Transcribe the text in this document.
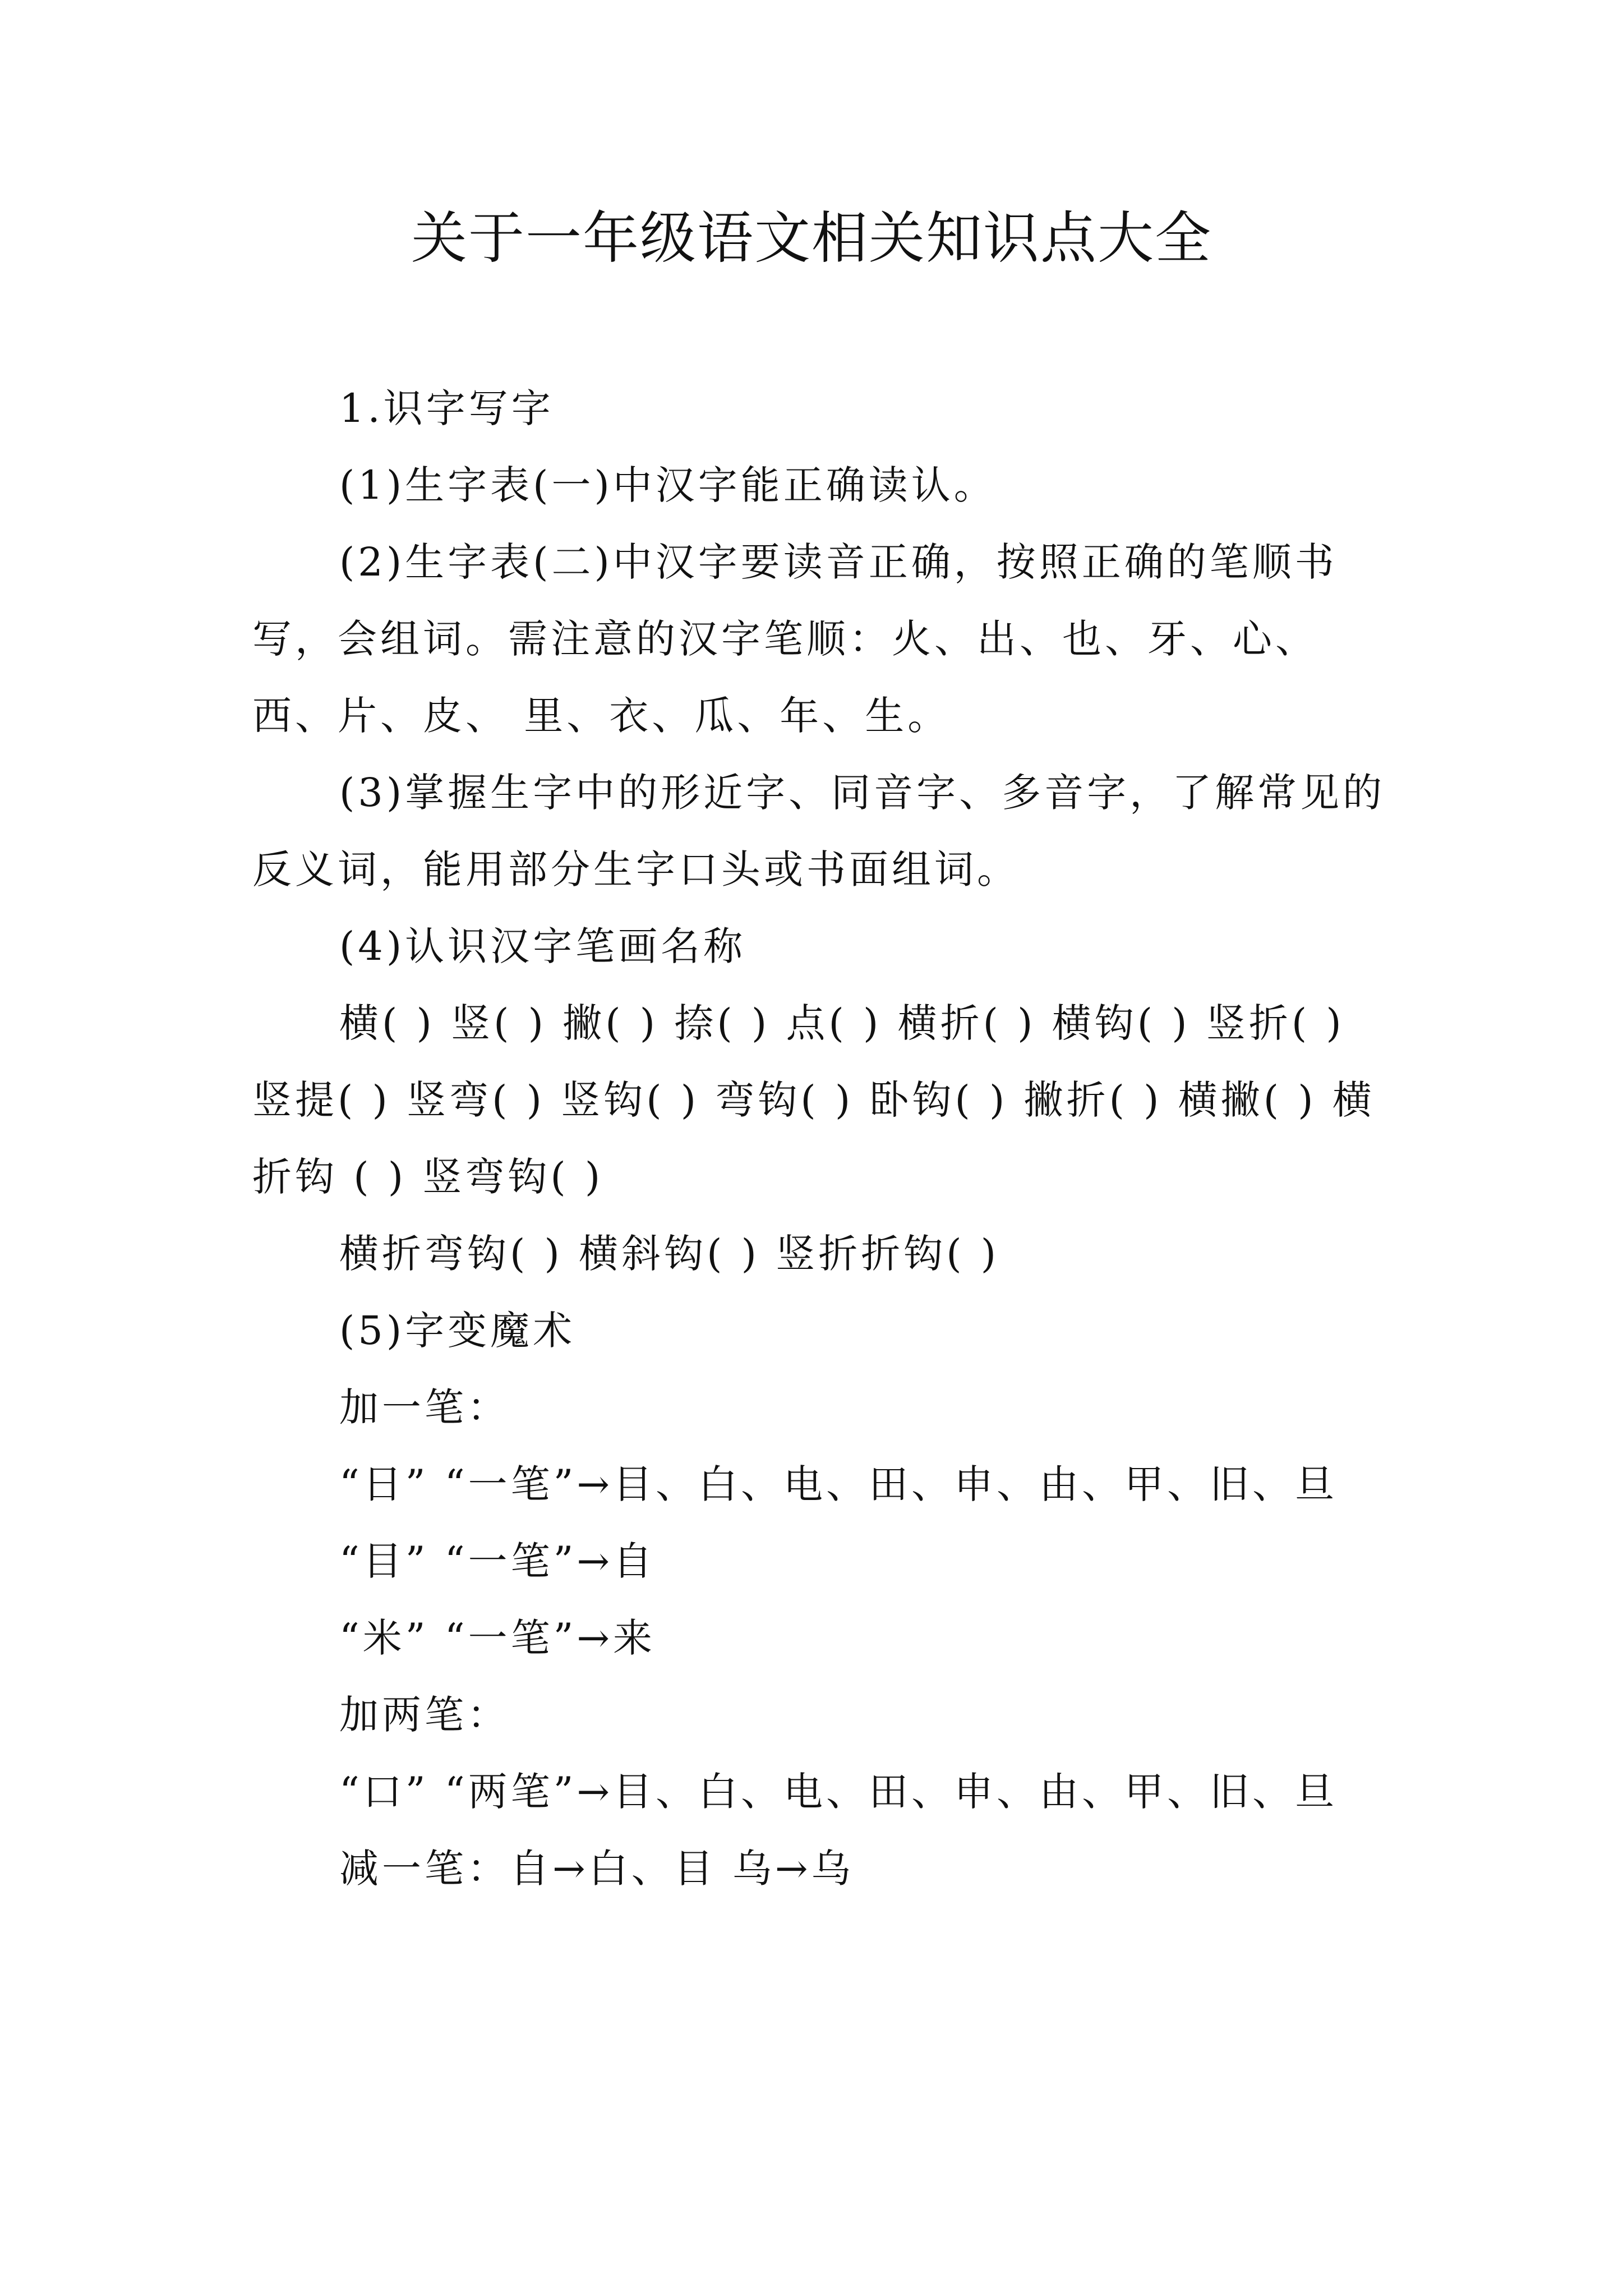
关于一年级语文相关知识点大全

1.识字写字

(1)生字表(一)中汉字能正确读认。

(2)生字表(二)中汉字要读音正确，按照正确的笔顺书写，会组词。需注意的汉字笔顺：火、出、也、牙、心、西、片、皮、 里、衣、瓜、年、生。

(3)掌握生字中的形近字、同音字、多音字，了解常见的反义词，能用部分生字口头或书面组词。

(4)认识汉字笔画名称

横( ) 竖( ) 撇( ) 捺( ) 点( ) 横折( ) 横钩( ) 竖折( ) 竖提( ) 竖弯( ) 竖钩( ) 弯钩( ) 卧钩( ) 撇折( ) 横撇( ) 横折钩 ( ) 竖弯钩( )

横折弯钩( ) 横斜钩( ) 竖折折钩( )

(5)字变魔术

加一笔：

“日” “一笔”→目、白、电、田、申、由、甲、旧、旦

“目” “一笔”→自

“米” “一笔”→来

加两笔：

“口” “两笔”→目、白、电、田、申、由、甲、旧、旦

减一笔：自→白、目 乌→乌
